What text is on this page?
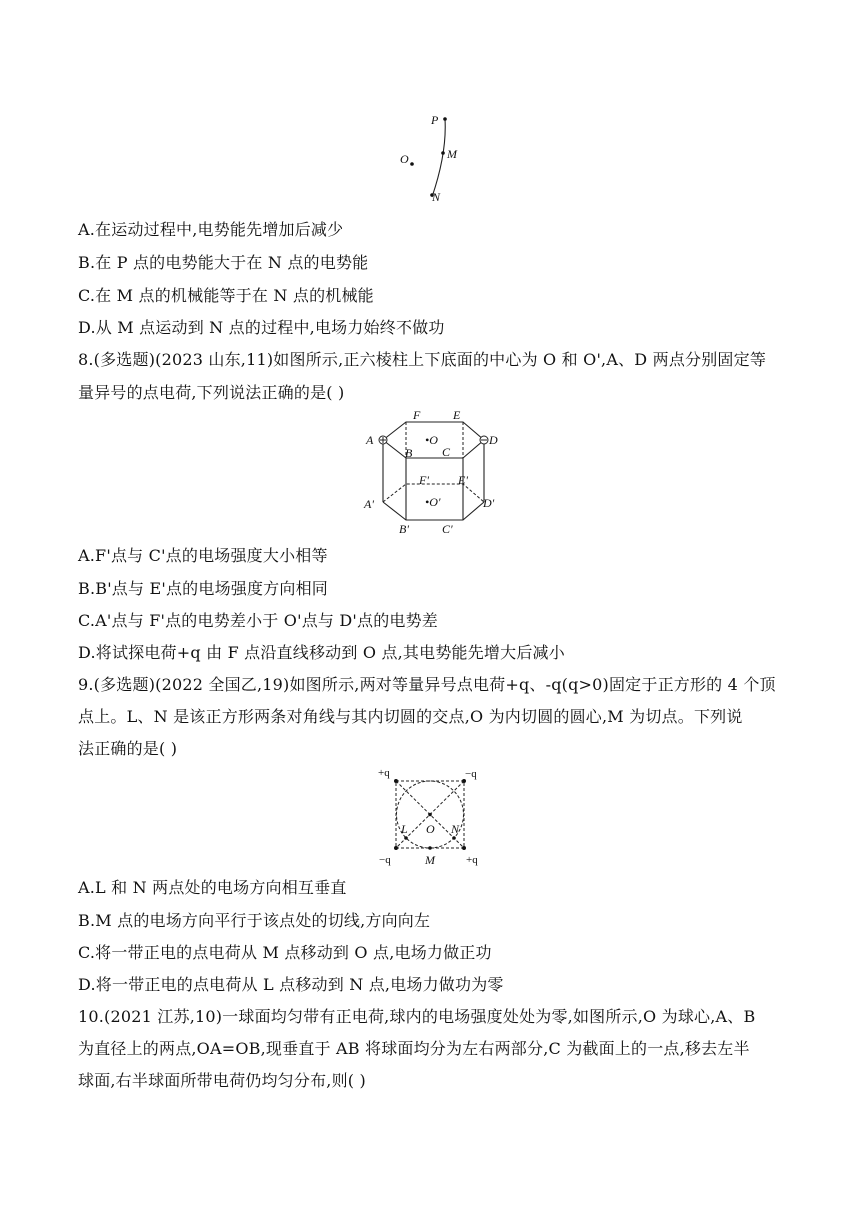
P
M
O
N
A.在运动过程中,电势能先增加后减少
B.在 P 点的电势能大于在 N 点的电势能
C.在 M 点的机械能等于在 N 点的机械能
D.从 M 点运动到 N 点的过程中,电场力始终不做功
8.(多选题)(2023 山东,11)如图所示,正六棱柱上下底面的中心为 O 和 O',A、D 两点分别固定等
量异号的点电荷,下列说法正确的是( )
F	E
A	•O
C
D
B
F' E'
A'	•O'	D'
B'	C'
A.F'点与 C'点的电场强度大小相等
B.B'点与 E'点的电场强度方向相同
C.A'点与 F'点的电势差小于 O'点与 D'点的电势差
D.将试探电荷+q 由 F 点沿直线移动到 O 点,其电势能先增大后减小
9.(多选题)(2022 全国乙,19)如图所示,两对等量异号点电荷+q、-q(q>0)固定于正方形的 4 个顶
点上。L、N 是该正方形两条对角线与其内切圆的交点,O 为内切圆的圆心,M 为切点。下列说
法正确的是( )
+q	−q
−q	+q
L O N
M
A.L 和 N 两点处的电场方向相互垂直
B.M 点的电场方向平行于该点处的切线,方向向左
C.将一带正电的点电荷从 M 点移动到 O 点,电场力做正功
D.将一带正电的点电荷从 L 点移动到 N 点,电场力做功为零
10.(2021 江苏,10)一球面均匀带有正电荷,球内的电场强度处处为零,如图所示,O 为球心,A、B
为直径上的两点,OA=OB,现垂直于 AB 将球面均分为左右两部分,C 为截面上的一点,移去左半
球面,右半球面所带电荷仍均匀分布,则( )
